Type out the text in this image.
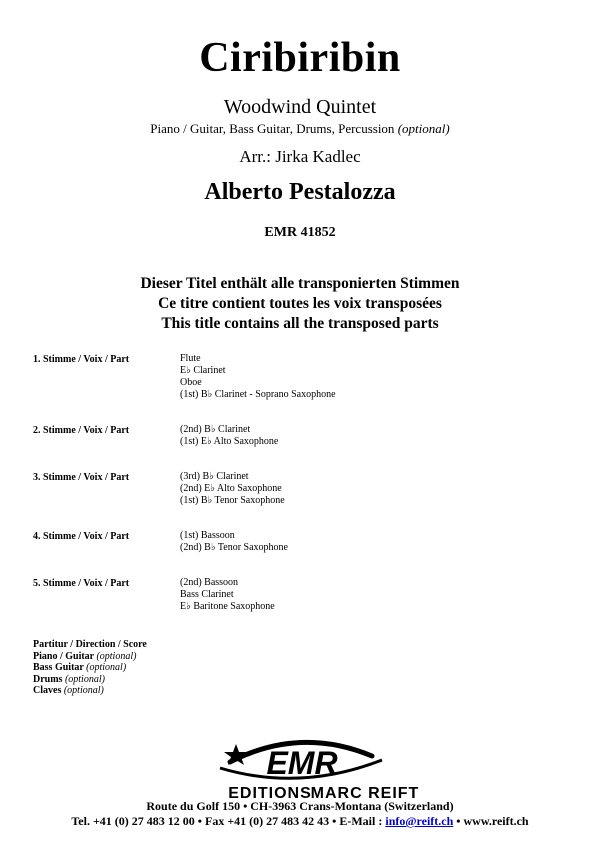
Ciribiribin
Woodwind Quintet
Piano / Guitar, Bass Guitar, Drums, Percussion (optional)
Arr.: Jirka Kadlec
Alberto Pestalozza
EMR 41852
Dieser Titel enthält alle transponierten Stimmen
Ce titre contient toutes les voix transposées
This title contains all the transposed parts
1. Stimme / Voix / Part	Flute
E♭ Clarinet
Oboe
(1st) B♭ Clarinet - Soprano Saxophone
2. Stimme / Voix / Part	(2nd) B♭ Clarinet
(1st) E♭ Alto Saxophone
3. Stimme / Voix / Part	(3rd) B♭ Clarinet
(2nd) E♭ Alto Saxophone
(1st) B♭ Tenor Saxophone
4. Stimme / Voix / Part	(1st) Bassoon
(2nd) B♭ Tenor Saxophone
5. Stimme / Voix / Part	(2nd) Bassoon
Bass Clarinet
E♭ Baritone Saxophone
Partitur / Direction / Score
Piano / Guitar (optional)
Bass Guitar (optional)
Drums (optional)
Claves (optional)
EMR
EDITIONS
MARC REIFT
Route du Golf 150 • CH-3963 Crans-Montana (Switzerland)
Tel. +41 (0) 27 483 12 00 • Fax +41 (0) 27 483 42 43 • E-Mail : info@reift.ch • www.reift.ch
